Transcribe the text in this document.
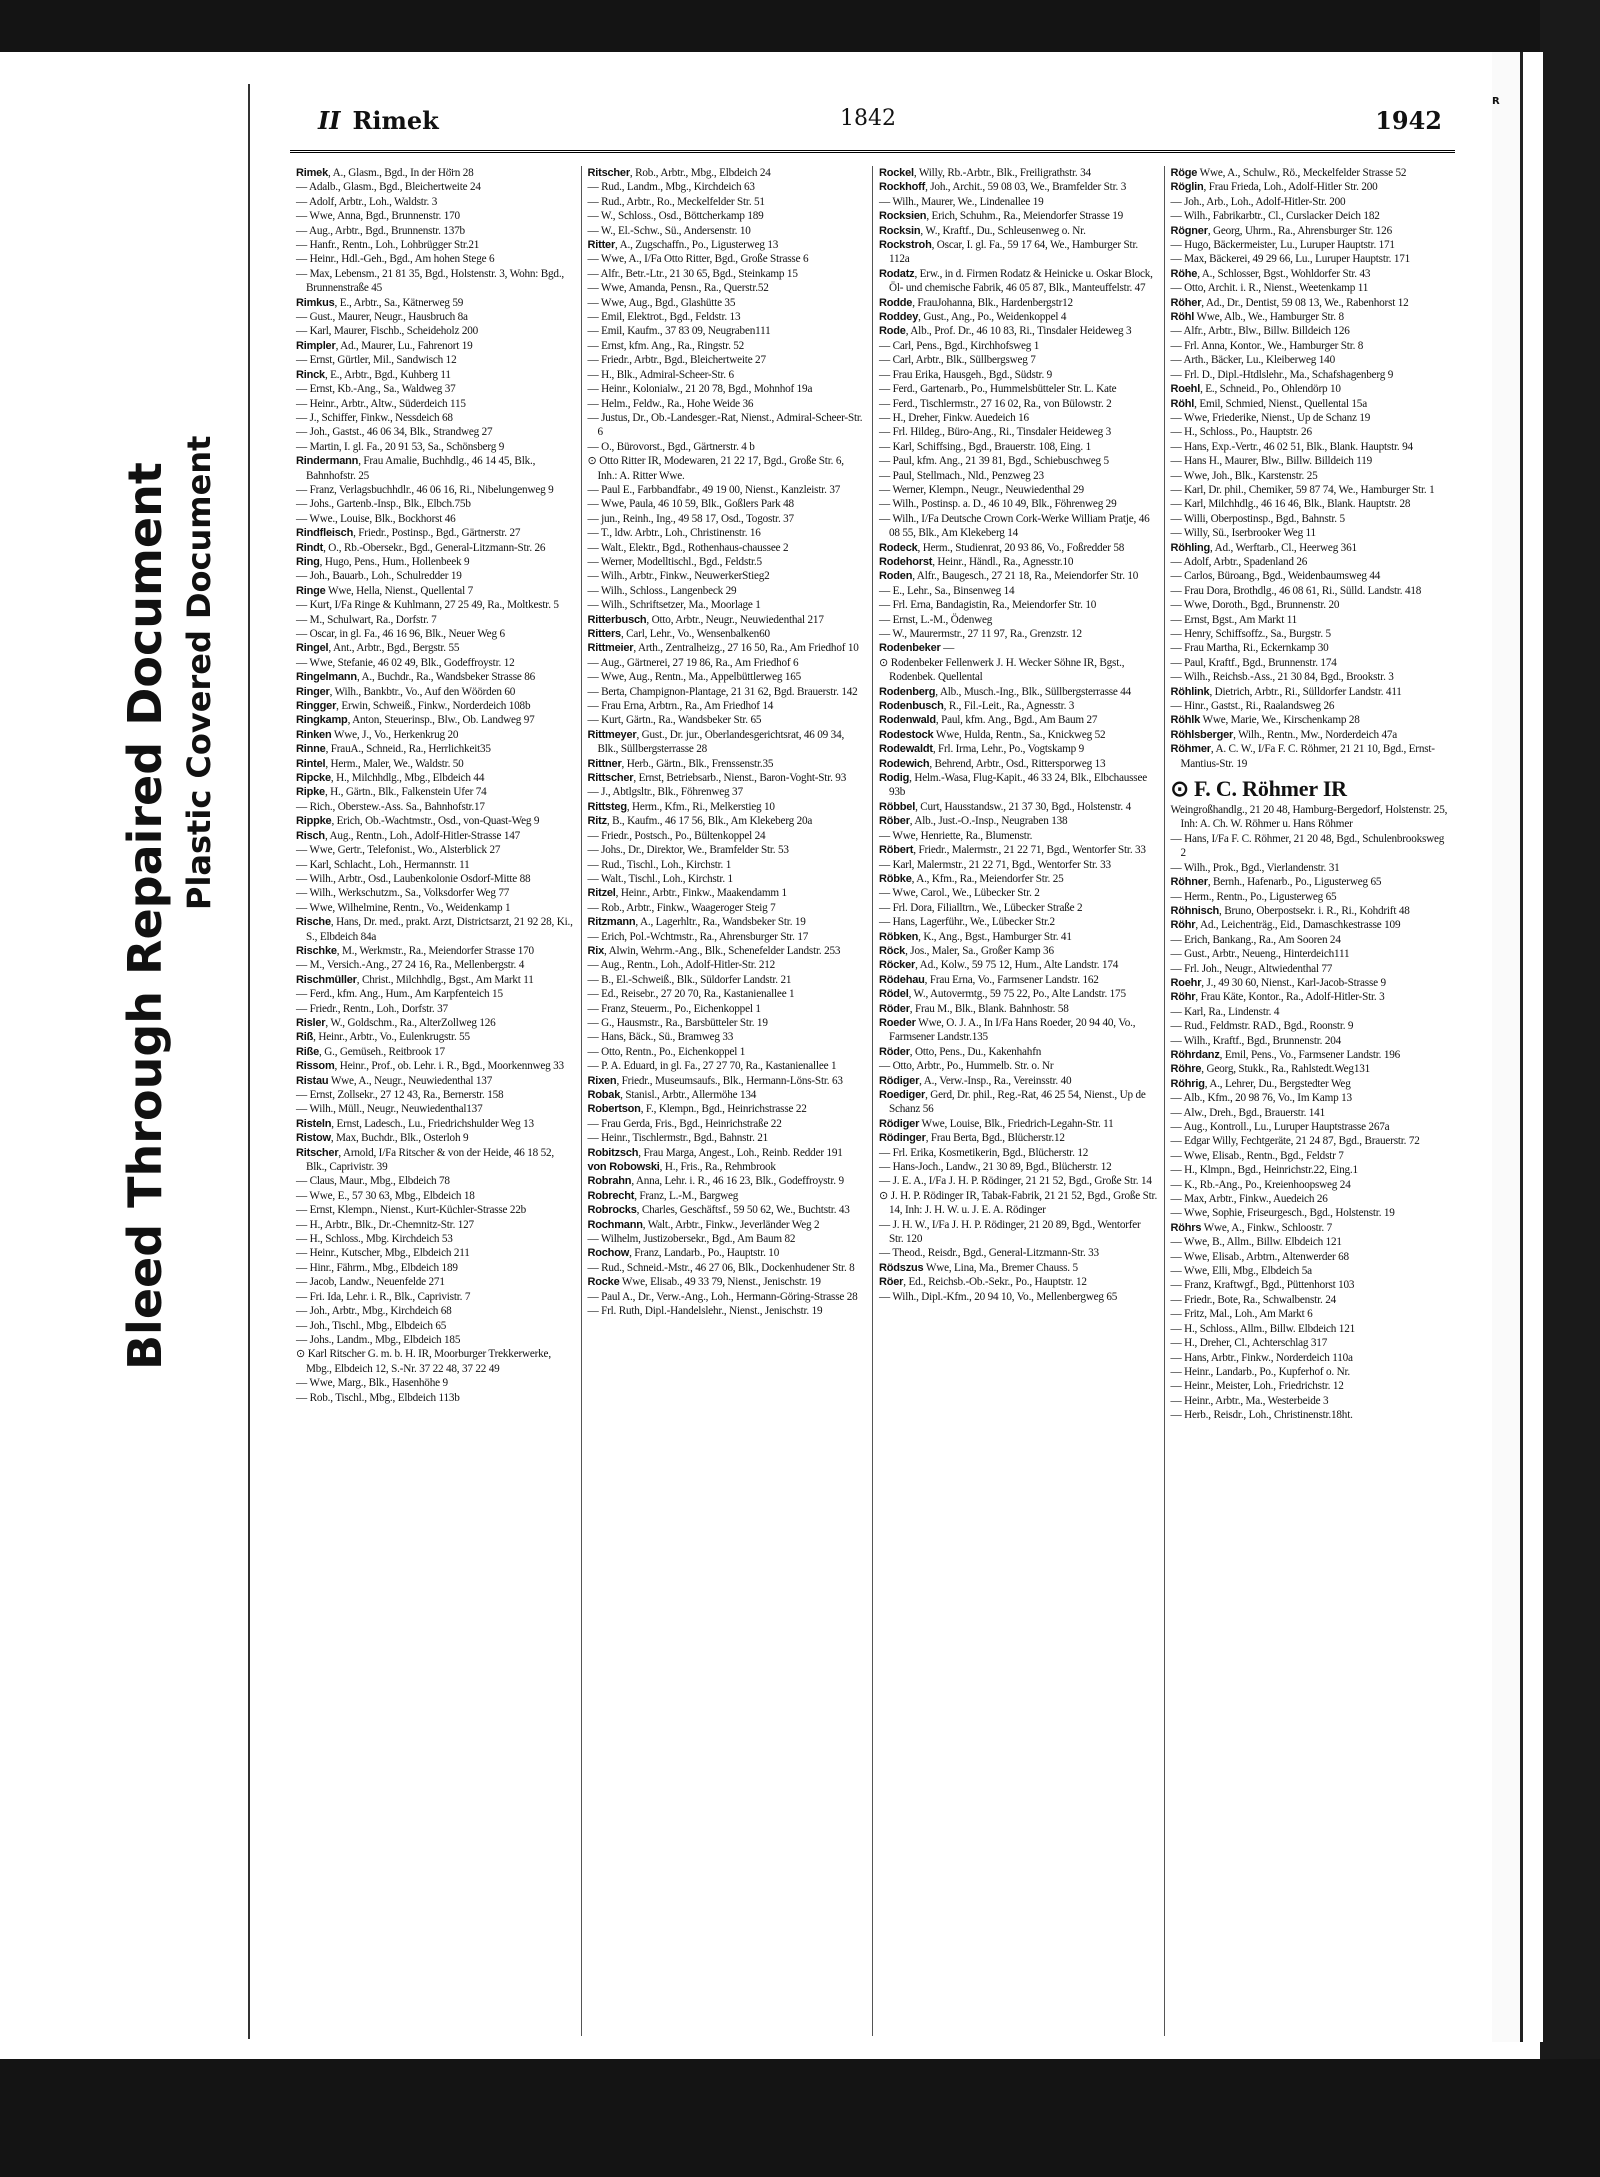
R
Bleed Through Repaired Document Plastic Covered Document
II Rimek	1842	1942

Rimek, A., Glasm., Bgd., In der Hö̈rn 28

— Adalb., Glasm., Bgd., Bleichertweite 24

— Adolf, Arbtr., Loh., Waldstr. 3

— Wwe, Anna, Bgd., Brunnenstr. 170

— Aug., Arbtr., Bgd., Brunnenstr. 137b

— Hanfr., Rentn., Loh., Lohbrügger Str.21

— Heinr., Hdl.-Geh., Bgd., Am hohen Stege 6

— Max, Lebensm., 21 81 35, Bgd., Holstenstr. 3, Wohn: Bgd., Brunnenstraße 45

Rimkus, E., Arbtr., Sa., Kätnerweg 59

— Gust., Maurer, Neugr., Hausbruch 8a

— Karl, Maurer, Fischb., Scheideholz 200

Rimpler, Ad., Maurer, Lu., Fahrenort 19

— Ernst, Gürtler, Mil., Sandwisch 12

Rinck, E., Arbtr., Bgd., Kuhberg 11

— Ernst, Kb.-Ang., Sa., Waldweg 37

— Heinr., Arbtr., Altw., Süderdeich 115

— J., Schiffer, Finkw., Nessdeich 68

— Joh., Gastst., 46 06 34, Blk., Strandweg 27

— Martin, I. gl. Fa., 20 91 53, Sa., Schönsberg 9

Rindermann, Frau Amalie, Buchhdlg., 46 14 45, Blk., Bahnhofstr. 25

— Franz, Verlagsbuchhdlr., 46 06 16, Ri., Nibelungenweg 9

— Johs., Gartenb.-Insp., Blk., Elbch.75b

— Wwe., Louise, Blk., Bockhorst 46

Rindfleisch, Friedr., Postinsp., Bgd., Gärtnerstr. 27

Rindt, O., Rb.-Obersekr., Bgd., General-Litzmann-Str. 26

Ring, Hugo, Pens., Hum., Hollenbeek 9

— Joh., Bauarb., Loh., Schulredder 19

Ringe Wwe, Hella, Nienst., Quellental 7

— Kurt, I/Fa Ringe & Kuhlmann, 27 25 49, Ra., Moltkestr. 5

— M., Schulwart, Ra., Dorfstr. 7

— Oscar, in gl. Fa., 46 16 96, Blk., Neuer Weg 6

Ringel, Ant., Arbtr., Bgd., Bergstr. 55

— Wwe, Stefanie, 46 02 49, Blk., Godeffroystr. 12

Ringelmann, A., Buchdr., Ra., Wandsbeker Strasse 86

Ringer, Wilh., Bankbtr., Vo., Auf den Wöörden 60

Ringger, Erwin, Schweiß., Finkw., Norderdeich 108b

Ringkamp, Anton, Steuerinsp., Blw., Ob. Landweg 97

Rinken Wwe, J., Vo., Herkenkrug 20

Rinne, FrauA., Schneid., Ra., Herrlichkeit35

Rintel, Herm., Maler, We., Waldstr. 50

Ripcke, H., Milchhdlg., Mbg., Elbdeich 44

Ripke, H., Gärtn., Blk., Falkenstein Ufer 74

— Rich., Oberstew.-Ass. Sa., Bahnhofstr.17

Rippke, Erich, Ob.-Wachtmstr., Osd., von-Quast-Weg 9

Risch, Aug., Rentn., Loh., Adolf-Hitler-Strasse 147

— Wwe, Gertr., Telefonist., Wo., Alsterblick 27

— Karl, Schlacht., Loh., Hermannstr. 11

— Wilh., Arbtr., Osd., Laubenkolonie Osdorf-Mitte 88

— Wilh., Werkschutzm., Sa., Volksdorfer Weg 77

— Wwe, Wilhelmine, Rentn., Vo., Weidenkamp 1

Rische, Hans, Dr. med., prakt. Arzt, Districtsarzt, 21 92 28, Ki., S., Elbdeich 84a

Rischke, M., Werkmstr., Ra., Meiendorfer Strasse 170

— M., Versich.-Ang., 27 24 16, Ra., Mellenbergstr. 4

Rischmüller, Christ., Milchhdlg., Bgst., Am Markt 11

— Ferd., kfm. Ang., Hum., Am Karpfenteich 15

— Friedr., Rentn., Loh., Dorfstr. 37

Risler, W., Goldschm., Ra., AlterZollweg 126

Riß, Heinr., Arbtr., Vo., Eulenkrugstr. 55

Riße, G., Gemüseh., Reitbrook 17

Rissom, Heinr., Prof., ob. Lehr. i. R., Bgd., Moorkennweg 33

Ristau Wwe, A., Neugr., Neuwiedenthal 137

— Ernst, Zollsekr., 27 12 43, Ra., Bernerstr. 158

— Wilh., Müll., Neugr., Neuwiedenthal137

Risteln, Ernst, Ladesch., Lu., Friedrichshulder Weg 13

Ristow, Max, Buchdr., Blk., Osterloh 9

Ritscher, Arnold, I/Fa Ritscher & von der Heide, 46 18 52, Blk., Caprivistr. 39

— Claus, Maur., Mbg., Elbdeich 78

— Wwe, E., 57 30 63, Mbg., Elbdeich 18

— Ernst, Klempn., Nienst., Kurt-Küchler-Strasse 22b

— H., Arbtr., Blk., Dr.-Chemnitz-Str. 127

— H., Schloss., Mbg. Kirchdeich 53

— Heinr., Kutscher, Mbg., Elbdeich 211

— Hinr., Fährm., Mbg., Elbdeich 189

— Jacob, Landw., Neuenfelde 271

— Fri. Ida, Lehr. i. R., Blk., Caprivistr. 7

— Joh., Arbtr., Mbg., Kirchdeich 68

— Joh., Tischl., Mbg., Elbdeich 65

— Johs., Landm., Mbg., Elbdeich 185

⊙ Karl Ritscher G. m. b. H. IR, Moorburger Trekkerwerke, Mbg., Elbdeich 12, S.-Nr. 37 22 48, 37 22 49

— Wwe, Marg., Blk., Hasenhöhe 9

— Rob., Tischl., Mbg., Elbdeich 113b

Ritscher, Rob., Arbtr., Mbg., Elbdeich 24

— Rud., Landm., Mbg., Kirchdeich 63

— Rud., Arbtr., Ro., Meckelfelder Str. 51

— W., Schloss., Osd., Böttcherkamp 189

— W., El.-Schw., Sü., Andersenstr. 10

Ritter, A., Zugschaffn., Po., Ligusterweg 13

— Wwe, A., I/Fa Otto Ritter, Bgd., Große Strasse 6

— Alfr., Betr.-Ltr., 21 30 65, Bgd., Steinkamp 15

— Wwe, Amanda, Pensn., Ra., Querstr.52

— Wwe, Aug., Bgd., Glashütte 35

— Emil, Elektrot., Bgd., Feldstr. 13

— Emil, Kaufm., 37 83 09, Neugraben111

— Ernst, kfm. Ang., Ra., Ringstr. 52

— Friedr., Arbtr., Bgd., Bleichertweite 27

— H., Blk., Admiral-Scheer-Str. 6

— Heinr., Kolonialw., 21 20 78, Bgd., Mohnhof 19a

— Helm., Feldw., Ra., Hohe Weide 36

— Justus, Dr., Ob.-Landesger.-Rat, Nienst., Admiral-Scheer-Str. 6

— O., Bürovorst., Bgd., Gärtnerstr. 4 b

⊙ Otto Ritter IR, Modewaren, 21 22 17, Bgd., Große Str. 6, Inh.: A. Ritter Wwe.

— Paul E., Farbbandfabr., 49 19 00, Nienst., Kanzleistr. 37

— Wwe, Paula, 46 10 59, Blk., Goßlers Park 48

— jun., Reinh., Ing., 49 58 17, Osd., Togostr. 37

— T., ldw. Arbtr., Loh., Christinenstr. 16

— Walt., Elektr., Bgd., Rothenhaus-chaussee 2

— Werner, Modelltischl., Bgd., Feldstr.5

— Wilh., Arbtr., Finkw., NeuwerkerStieg2

— Wilh., Schloss., Langenbeck 29

— Wilh., Schriftsetzer, Ma., Moorlage 1

Ritterbusch, Otto, Arbtr., Neugr., Neuwiedenthal 217

Ritters, Carl, Lehr., Vo., Wensenbalken60

Rittmeier, Arth., Zentralheizg., 27 16 50, Ra., Am Friedhof 10

— Aug., Gärtnerei, 27 19 86, Ra., Am Friedhof 6

— Wwe, Aug., Rentn., Ma., Appelbüttlerweg 165

— Berta, Champignon-Plantage, 21 31 62, Bgd. Brauerstr. 142

— Frau Erna, Arbtrn., Ra., Am Friedhof 14

— Kurt, Gärtn., Ra., Wandsbeker Str. 65

Rittmeyer, Gust., Dr. jur., Oberlandesgerichtsrat, 46 09 34, Blk., Süllbergsterrasse 28

Rittner, Herb., Gärtn., Blk., Frenssenstr.35

Rittscher, Ernst, Betriebsarb., Nienst., Baron-Voght-Str. 93

— J., Abtlgsltr., Blk., Föhrenweg 37

Rittsteg, Herm., Kfm., Ri., Melkerstieg 10

Ritz, B., Kaufm., 46 17 56, Blk., Am Klekeberg 20a

— Friedr., Postsch., Po., Bültenkoppel 24

— Johs., Dr., Direktor, We., Bramfelder Str. 53

— Rud., Tischl., Loh., Kirchstr. 1

— Walt., Tischl., Loh., Kirchstr. 1

Ritzel, Heinr., Arbtr., Finkw., Maakendamm 1

— Rob., Arbtr., Finkw., Waageroger Steig 7

Ritzmann, A., Lagerhltr., Ra., Wandsbeker Str. 19

— Erich, Pol.-Wchtmstr., Ra., Ahrensburger Str. 17

Rix, Alwin, Wehrm.-Ang., Blk., Schenefelder Landstr. 253

— Aug., Rentn., Loh., Adolf-Hitler-Str. 212

— B., El.-Schweiß., Blk., Süldorfer Landstr. 21

— Ed., Reisebr., 27 20 70, Ra., Kastanienallee 1

— Franz, Steuerm., Po., Eichenkoppel 1

— G., Hausmstr., Ra., Barsbütteler Str. 19

— Hans, Bäck., Sü., Bramweg 33

— Otto, Rentn., Po., Eichenkoppel 1

— P. A. Eduard, in gl. Fa., 27 27 70, Ra., Kastanienallee 1

Rixen, Friedr., Museumsaufs., Blk., Hermann-Löns-Str. 63

Robak, Stanisl., Arbtr., Allermöhe 134

Robertson, F., Klempn., Bgd., Heinrichstrasse 22

— Frau Gerda, Fris., Bgd., Heinrichstraße 22

— Heinr., Tischlermstr., Bgd., Bahnstr. 21

Robitzsch, Frau Marga, Angest., Loh., Reinb. Redder 191

von Robowski, H., Fris., Ra., Rehmbrook

Robrahn, Anna, Lehr. i. R., 46 16 23, Blk., Godeffroystr. 9

Robrecht, Franz, L.-M., Bargweg

Robrocks, Charles, Geschäftsf., 59 50 62, We., Buchtstr. 43

Rochmann, Walt., Arbtr., Finkw., Jeverländer Weg 2

— Wilhelm, Justizobersekr., Bgd., Am Baum 82

Rochow, Franz, Landarb., Po., Hauptstr. 10

— Rud., Schneid.-Mstr., 46 27 06, Blk., Dockenhudener Str. 8

Rocke Wwe, Elisab., 49 33 79, Nienst., Jenischstr. 19

— Paul A., Dr., Verw.-Ang., Loh., Hermann-Göring-Strasse 28

— Frl. Ruth, Dipl.-Handelslehr., Nienst., Jenischstr. 19

Rockel, Willy, Rb.-Arbtr., Blk., Freiligrathstr. 34

Rockhoff, Joh., Archit., 59 08 03, We., Bramfelder Str. 3

— Wilh., Maurer, We., Lindenallee 19

Rocksien, Erich, Schuhm., Ra., Meiendorfer Strasse 19

Rocksin, W., Kraftf., Du., Schleusenweg o. Nr.

Rockstroh, Oscar, I. gl. Fa., 59 17 64, We., Hamburger Str. 112a

Rodatz, Erw., in d. Firmen Rodatz & Heinicke u. Oskar Block, Öl- und chemische Fabrik, 46 05 87, Blk., Manteuffelstr. 47

Rodde, FrauJohanna, Blk., Hardenbergstr12

Roddey, Gust., Ang., Po., Weidenkoppel 4

Rode, Alb., Prof. Dr., 46 10 83, Ri., Tinsdaler Heideweg 3

— Carl, Pens., Bgd., Kirchhofsweg 1

— Carl, Arbtr., Blk., Süllbergsweg 7

— Frau Erika, Hausgeh., Bgd., Südstr. 9

— Ferd., Gartenarb., Po., Hummelsbütteler Str. L. Kate

— Ferd., Tischlermstr., 27 16 02, Ra., von Bülowstr. 2

— H., Dreher, Finkw. Auedeich 16

— Frl. Hildeg., Büro-Ang., Ri., Tinsdaler Heideweg 3

— Karl, Schiffsing., Bgd., Brauerstr. 108, Eing. 1

— Paul, kfm. Ang., 21 39 81, Bgd., Schiebuschweg 5

— Paul, Stellmach., Nld., Penzweg 23

— Werner, Klempn., Neugr., Neuwiedenthal 29

— Wilh., Postinsp. a. D., 46 10 49, Blk., Föhrenweg 29

— Wilh., I/Fa Deutsche Crown Cork-Werke William Pratje, 46 08 55, Blk., Am Klekeberg 14

Rodeck, Herm., Studienrat, 20 93 86, Vo., Foßredder 58

Rodehorst, Heinr., Händl., Ra., Agnesstr.10

Roden, Alfr., Baugesch., 27 21 18, Ra., Meiendorfer Str. 10

— E., Lehr., Sa., Binsenweg 14

— Frl. Erna, Bandagistin, Ra., Meiendorfer Str. 10

— Ernst, L.-M., Ödenweg

— W., Maurermstr., 27 11 97, Ra., Grenzstr. 12

Rodenbeker —

⊙ Rodenbeker Fellenwerk J. H. Wecker Söhne IR, Bgst., Rodenbek. Quellental

Rodenberg, Alb., Musch.-Ing., Blk., Süllbergsterrasse 44

Rodenbusch, R., Fil.-Leit., Ra., Agnesstr. 3

Rodenwald, Paul, kfm. Ang., Bgd., Am Baum 27

Rodestock Wwe, Hulda, Rentn., Sa., Knickweg 52

Rodewaldt, Frl. Irma, Lehr., Po., Vogtskamp 9

Rodewich, Behrend, Arbtr., Osd., Rittersporweg 13

Rodig, Helm.-Wasa, Flug-Kapit., 46 33 24, Blk., Elbchaussee 93b

Röbbel, Curt, Hausstandsw., 21 37 30, Bgd., Holstenstr. 4

Röber, Alb., Just.-O.-Insp., Neugraben 138

— Wwe, Henriette, Ra., Blumenstr.

Röbert, Friedr., Malermstr., 21 22 71, Bgd., Wentorfer Str. 33

— Karl, Malermstr., 21 22 71, Bgd., Wentorfer Str. 33

Röbke, A., Kfm., Ra., Meiendorfer Str. 25

— Wwe, Carol., We., Lübecker Str. 2

— Frl. Dora, Filialltrn., We., Lübecker Straße 2

— Hans, Lagerführ., We., Lübecker Str.2

Röbken, K., Ang., Bgst., Hamburger Str. 41

Röck, Jos., Maler, Sa., Großer Kamp 36

Röcker, Ad., Kolw., 59 75 12, Hum., Alte Landstr. 174

Rödehau, Frau Erna, Vo., Farmsener Landstr. 162

Rödel, W., Autovermtg., 59 75 22, Po., Alte Landstr. 175

Röder, Frau M., Blk., Blank. Bahnhostr. 58

Roeder Wwe, O. J. A., In I/Fa Hans Roeder, 20 94 40, Vo., Farmsener Landstr.135

Röder, Otto, Pens., Du., Kakenhahfn

— Otto, Arbtr., Po., Hummelb. Str. o. Nr

Rödiger, A., Verw.-Insp., Ra., Vereinsstr. 40

Roediger, Gerd, Dr. phil., Reg.-Rat, 46 25 54, Nienst., Up de Schanz 56

Rödiger Wwe, Louise, Blk., Friedrich-Legahn-Str. 11

Rödinger, Frau Berta, Bgd., Blücherstr.12

— Frl. Erika, Kosmetikerin, Bgd., Blücherstr. 12

— Hans-Joch., Landw., 21 30 89, Bgd., Blücherstr. 12

— J. E. A., I/Fa J. H. P. Rödinger, 21 21 52, Bgd., Große Str. 14

⊙ J. H. P. Rödinger IR, Tabak-Fabrik, 21 21 52, Bgd., Große Str. 14, Inh: J. H. W. u. J. E. A. Rödinger

— J. H. W., I/Fa J. H. P. Rödinger, 21 20 89, Bgd., Wentorfer Str. 120

— Theod., Reisdr., Bgd., General-Litzmann-Str. 33

Rödszus Wwe, Lina, Ma., Bremer Chauss. 5

Röer, Ed., Reichsb.-Ob.-Sekr., Po., Hauptstr. 12

— Wilh., Dipl.-Kfm., 20 94 10, Vo., Mellenbergweg 65

Röge Wwe, A., Schulw., Rö., Meckelfelder Strasse 52

Röglin, Frau Frieda, Loh., Adolf-Hitler Str. 200

— Joh., Arb., Loh., Adolf-Hitler-Str. 200

— Wilh., Fabrikarbtr., Cl., Curslacker Deich 182

Rögner, Georg, Uhrm., Ra., Ahrensburger Str. 126

— Hugo, Bäckermeister, Lu., Luruper Hauptstr. 171

— Max, Bäckerei, 49 29 66, Lu., Luruper Hauptstr. 171

Röhe, A., Schlosser, Bgst., Wohldorfer Str. 43

— Otto, Archit. i. R., Nienst., Weetenkamp 11

Röher, Ad., Dr., Dentist, 59 08 13, We., Rabenhorst 12

Röhl Wwe, Alb., We., Hamburger Str. 8

— Alfr., Arbtr., Blw., Billw. Billdeich 126

— Frl. Anna, Kontor., We., Hamburger Str. 8

— Arth., Bäcker, Lu., Kleiberweg 140

— Frl. D., Dipl.-Htdlslehr., Ma., Schafshagenberg 9

Roehl, E., Schneid., Po., Ohlendörp 10

Röhl, Emil, Schmied, Nienst., Quellental 15a

— Wwe, Friederike, Nienst., Up de Schanz 19

— H., Schloss., Po., Hauptstr. 26

— Hans, Exp.-Vertr., 46 02 51, Blk., Blank. Hauptstr. 94

— Hans H., Maurer, Blw., Billw. Billdeich 119

— Wwe, Joh., Blk., Karstenstr. 25

— Karl, Dr. phil., Chemiker, 59 87 74, We., Hamburger Str. 1

— Karl, Milchhdlg., 46 16 46, Blk., Blank. Hauptstr. 28

— Willi, Oberpostinsp., Bgd., Bahnstr. 5

— Willy, Sü., Iserbrooker Weg 11

Röhling, Ad., Werftarb., Cl., Heerweg 361

— Adolf, Arbtr., Spadenland 26

— Carlos, Büroang., Bgd., Weidenbaumsweg 44

— Frau Dora, Brothdlg., 46 08 61, Ri., Sülld. Landstr. 418

— Wwe, Doroth., Bgd., Brunnenstr. 20

— Ernst, Bgst., Am Markt 11

— Henry, Schiffsoffz., Sa., Burgstr. 5

— Frau Martha, Ri., Eckernkamp 30

— Paul, Kraftf., Bgd., Brunnenstr. 174

— Wilh., Reichsb.-Ass., 21 30 84, Bgd., Brookstr. 3

Röhlink, Dietrich, Arbtr., Ri., Sülldorfer Landstr. 411

— Hinr., Gastst., Ri., Raalandsweg 26

Röhlk Wwe, Marie, We., Kirschenkamp 28

Röhlsberger, Wilh., Rentn., Mw., Norderdeich 47a

Röhmer, A. C. W., I/Fa F. C. Röhmer, 21 21 10, Bgd., Ernst-Mantius-Str. 19

⊙ F. C. Röhmer IR

Weingroßhandlg., 21 20 48, Hamburg-Bergedorf, Holstenstr. 25, Inh: A. Ch. W. Röhmer u. Hans Röhmer

— Hans, I/Fa F. C. Röhmer, 21 20 48, Bgd., Schulenbrooksweg 2

— Wilh., Prok., Bgd., Vierlandenstr. 31

Röhner, Bernh., Hafenarb., Po., Ligusterweg 65

— Herm., Rentn., Po., Ligusterweg 65

Röhnisch, Bruno, Oberpostsekr. i. R., Ri., Kohdrift 48

Röhr, Ad., Leichenträg., Eid., Damaschkestrasse 109

— Erich, Bankang., Ra., Am Sooren 24

— Gust., Arbtr., Neueng., Hinterdeich111

— Frl. Joh., Neugr., Altwiedenthal 77

Roehr, J., 49 30 60, Nienst., Karl-Jacob-Strasse 9

Röhr, Frau Käte, Kontor., Ra., Adolf-Hitler-Str. 3

— Karl, Ra., Lindenstr. 4

— Rud., Feldmstr. RAD., Bgd., Roonstr. 9

— Wilh., Kraftf., Bgd., Brunnenstr. 204

Röhrdanz, Emil, Pens., Vo., Farmsener Landstr. 196

Röhre, Georg, Stukk., Ra., Rahlstedt.Weg131

Röhrig, A., Lehrer, Du., Bergstedter Weg

— Alb., Kfm., 20 98 76, Vo., Im Kamp 13

— Alw., Dreh., Bgd., Brauerstr. 141

— Aug., Kontroll., Lu., Luruper Hauptstrasse 267a

— Edgar Willy, Fechtgeräte, 21 24 87, Bgd., Brauerstr. 72

— Wwe, Elisab., Rentn., Bgd., Feldstr 7

— H., Klmpn., Bgd., Heinrichstr.22, Eing.1

— K., Rb.-Ang., Po., Kreienhoopsweg 24

— Max, Arbtr., Finkw., Auedeich 26

— Wwe, Sophie, Friseurgesch., Bgd., Holstenstr. 19

Röhrs Wwe, A., Finkw., Schloostr. 7

— Wwe, B., Allm., Billw. Elbdeich 121

— Wwe, Elisab., Arbtrn., Altenwerder 68

— Wwe, Elli, Mbg., Elbdeich 5a

— Franz, Kraftwgf., Bgd., Püttenhorst 103

— Friedr., Bote, Ra., Schwalbenstr. 24

— Fritz, Mal., Loh., Am Markt 6

— H., Schloss., Allm., Billw. Elbdeich 121

— H., Dreher, Cl., Achterschlag 317

— Hans, Arbtr., Finkw., Norderdeich 110a

— Heinr., Landarb., Po., Kupferhof o. Nr.

— Heinr., Meister, Loh., Friedrichstr. 12

— Heinr., Arbtr., Ma., Westerbeide 3

— Herb., Reisdr., Loh., Christinenstr.18ht.
